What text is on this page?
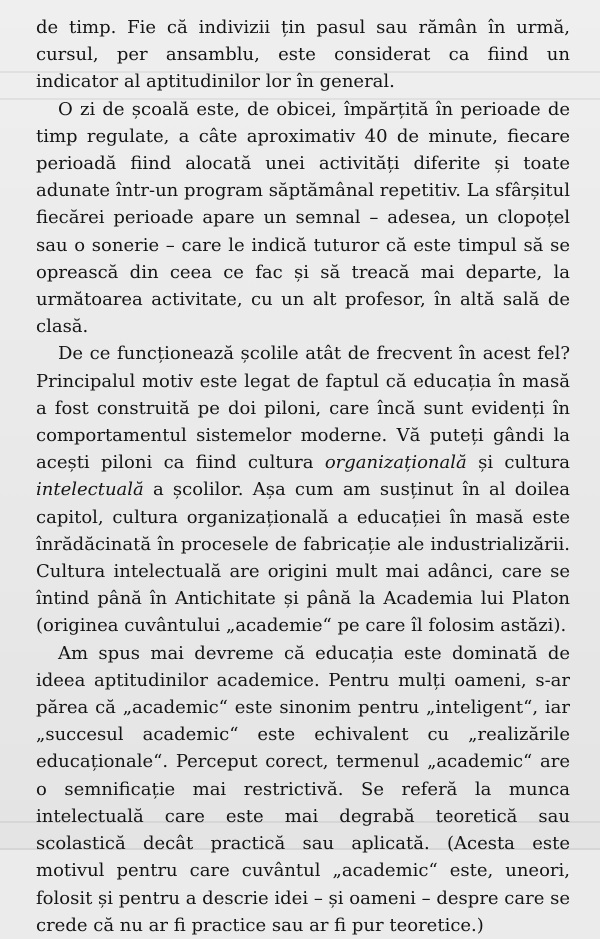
de timp. Fie că indivizii țin pasul sau rămân în urmă, cursul, per ansamblu, este considerat ca fiind un indicator al aptitudinilor lor în general.

O zi de școală este, de obicei, împărțită în perioade de timp regulate, a câte aproximativ 40 de minute, fiecare perioadă fiind alocată unei activități diferite și toate adunate într-un program săptămânal repetitiv. La sfârșitul fiecărei perioade apare un semnal – adesea, un clopoțel sau o sonerie – care le indică tuturor că este timpul să se oprească din ceea ce fac și să treacă mai departe, la următoarea activitate, cu un alt profesor, în altă sală de clasă.

De ce funcționează școlile atât de frecvent în acest fel? Principalul motiv este legat de faptul că educația în masă a fost construită pe doi piloni, care încă sunt evidenți în comportamentul sistemelor moderne. Vă puteți gândi la acești piloni ca fiind cultura organizațională și cultura intelectuală a școlilor. Așa cum am susținut în al doilea capitol, cultura organizațională a educației în masă este înrădăcinată în procesele de fabricație ale industrializării. Cultura intelectuală are origini mult mai adânci, care se întind până în Antichitate și până la Academia lui Platon (originea cuvântului „academie“ pe care îl folosim astăzi).

Am spus mai devreme că educația este dominată de ideea aptitudinilor academice. Pentru mulți oameni, s-ar părea că „academic“ este sinonim pentru „inteligent“, iar „succesul academic“ este echivalent cu „realizările educaționale“. Perceput corect, termenul „academic“ are o semnificație mai restrictivă. Se referă la munca intelectuală care este mai degrabă teoretică sau scolastică decât practică sau aplicată. (Acesta este motivul pentru care cuvântul „academic“ este, uneori, folosit și pentru a descrie idei – și oameni – despre care se crede că nu ar fi practice sau ar fi pur teoretice.)
